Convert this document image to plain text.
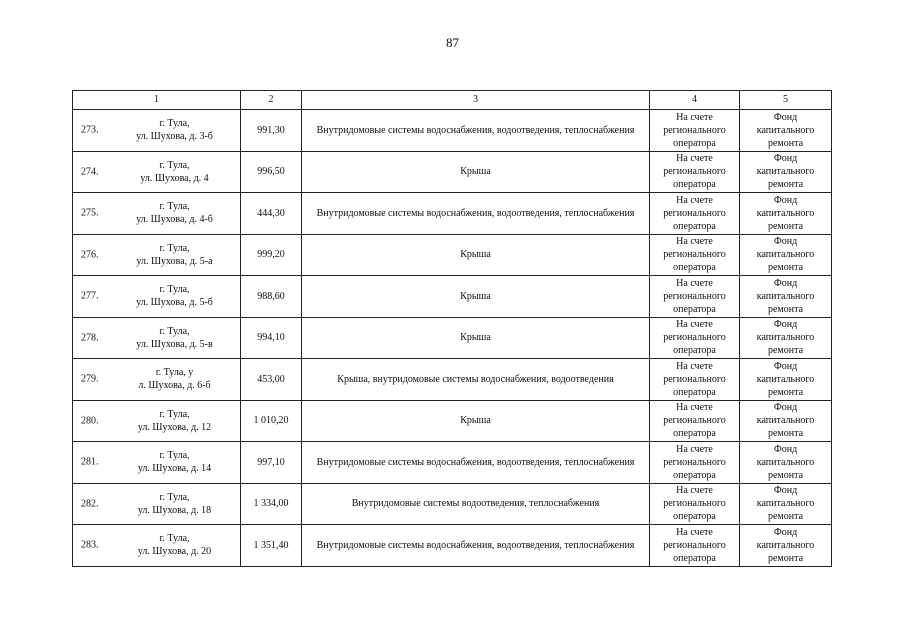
87
1	2	3	4	5

273.
г. Тула,
ул. Шухова, д. 3-б	991,30	Внутридомовые системы водоснабжения, водоотведения, теплоснабжения	На счете
регионального
оператора	Фонд
капитального
ремонта

274.
г. Тула,
ул. Шухова, д. 4	996,50	Крыша	На счете
регионального
оператора	Фонд
капитального
ремонта

275.
г. Тула,
ул. Шухова, д. 4-б	444,30	Внутридомовые системы водоснабжения, водоотведения, теплоснабжения	На счете
регионального
оператора	Фонд
капитального
ремонта

276.
г. Тула,
ул. Шухова, д. 5-а	999,20	Крыша	На счете
регионального
оператора	Фонд
капитального
ремонта

277.
г. Тула,
ул. Шухова, д. 5-б	988,60	Крыша	На счете
регионального
оператора	Фонд
капитального
ремонта

278.
г. Тула,
ул. Шухова, д. 5-в	994,10	Крыша	На счете
регионального
оператора	Фонд
капитального
ремонта

279.
г. Тула, у
л. Шухова, д. 6-б	453,00	Крыша, внутридомовые системы водоснабжения, водоотведения	На счете
регионального
оператора	Фонд
капитального
ремонта

280.
г. Тула,
ул. Шухова, д. 12	1 010,20	Крыша	На счете
регионального
оператора	Фонд
капитального
ремонта

281.
г. Тула,
ул. Шухова, д. 14	997,10	Внутридомовые системы водоснабжения, водоотведения, теплоснабжения	На счете
регионального
оператора	Фонд
капитального
ремонта

282.
г. Тула,
ул. Шухова, д. 18	1 334,00	Внутридомовые системы водоотведения, теплоснабжения	На счете
регионального
оператора	Фонд
капитального
ремонта

283.
г. Тула,
ул. Шухова, д. 20	1 351,40	Внутридомовые системы водоснабжения, водоотведения, теплоснабжения	На счете
регионального
оператора	Фонд
капитального
ремонта
